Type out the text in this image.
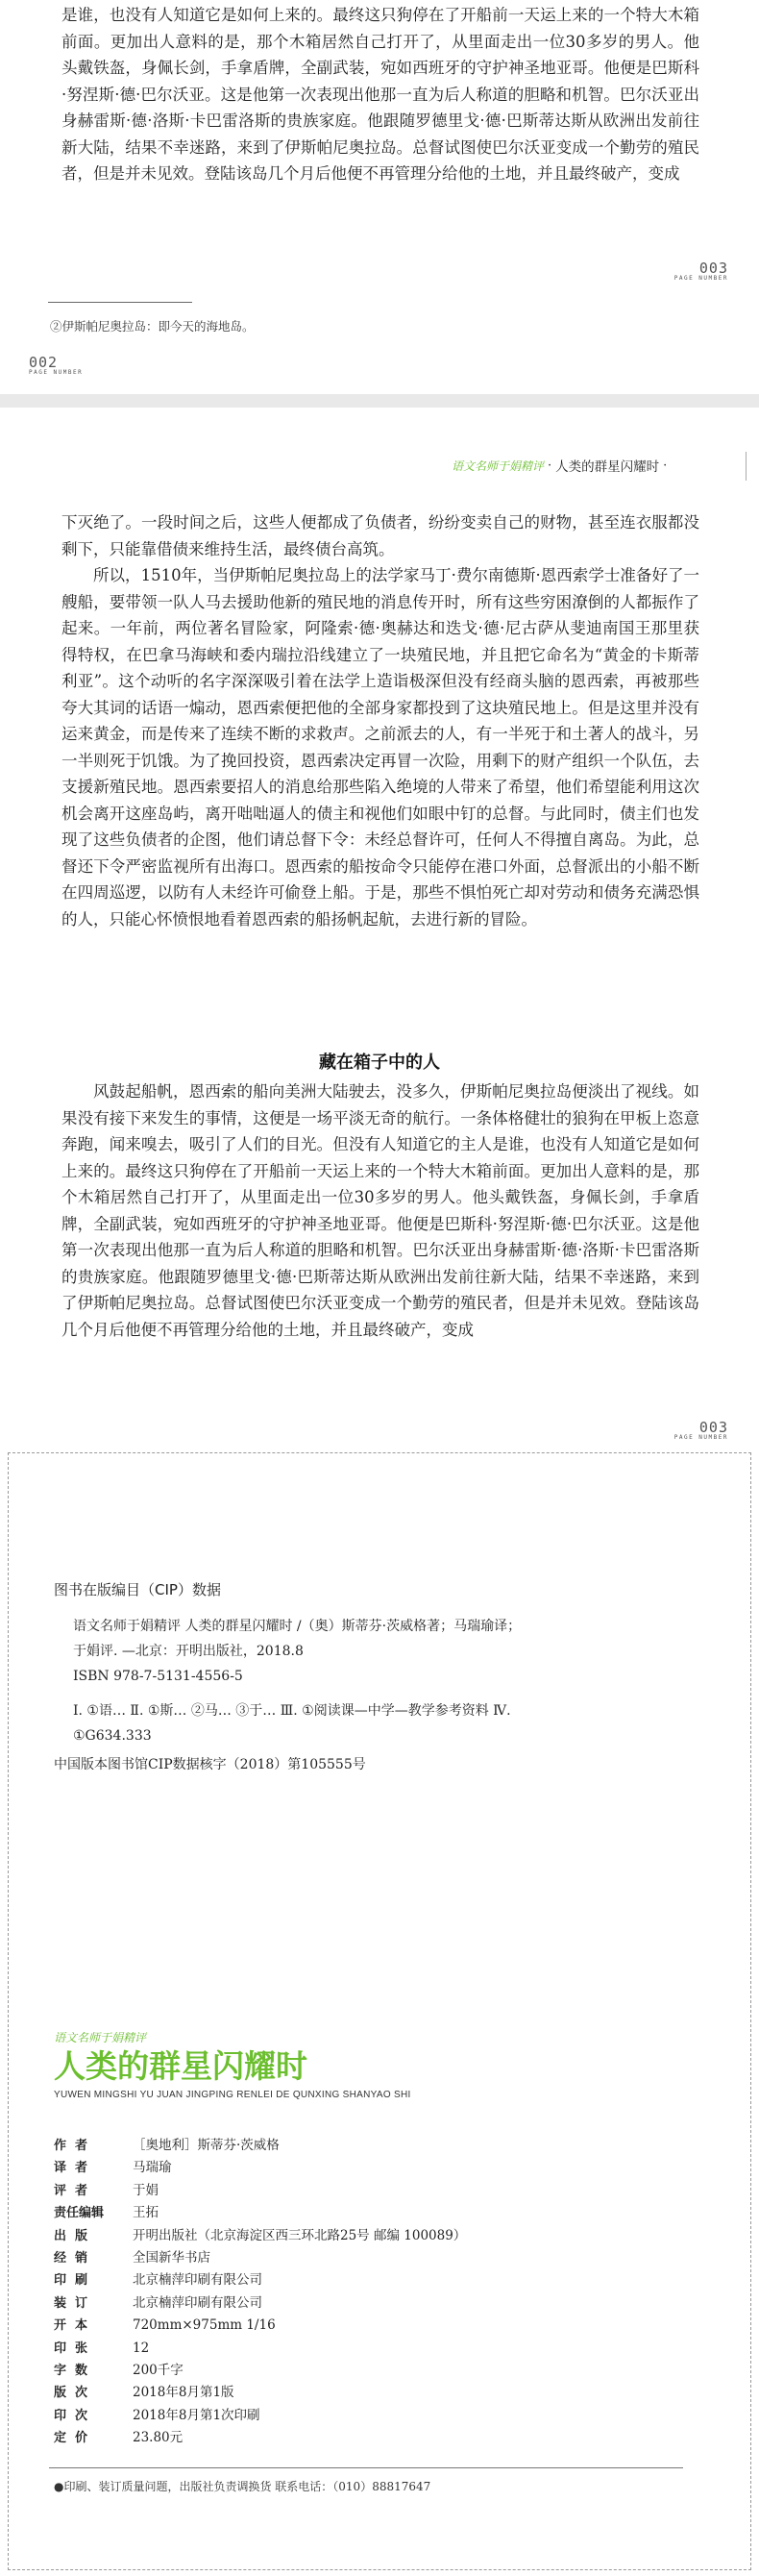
是谁，也没有人知道它是如何上来的。最终这只狗停在了开船前一天运上来的一个特大木箱前面。更加出人意料的是，那个木箱居然自己打开了，从里面走出一位30多岁的男人。他头戴铁盔，身佩长剑，手拿盾牌，全副武装，宛如西班牙的守护神圣地亚哥。他便是巴斯科·努涅斯·德·巴尔沃亚。这是他第一次表现出他那一直为后人称道的胆略和机智。巴尔沃亚出身赫雷斯·德·洛斯·卡巴雷洛斯的贵族家庭。他跟随罗德里戈·德·巴斯蒂达斯从欧洲出发前往新大陆，结果不幸迷路，来到了伊斯帕尼奥拉岛。总督试图使巴尔沃亚变成一个勤劳的殖民者，但是并未见效。登陆该岛几个月后他便不再管理分给他的土地，并且最终破产，变成

003
PAGE NUMBER
②伊斯帕尼奥拉岛：即今天的海地岛。
002
PAGE NUMBER
语文名师于娟精评 · 人类的群星闪耀时 ·

下灭绝了。一段时间之后，这些人便都成了负债者，纷纷变卖自己的财物，甚至连衣服都没剩下，只能靠借债来维持生活，最终债台高筑。

所以，1510年，当伊斯帕尼奥拉岛上的法学家马丁·费尔南德斯·恩西索学士准备好了一艘船，要带领一队人马去援助他新的殖民地的消息传开时，所有这些穷困潦倒的人都振作了起来。一年前，两位著名冒险家，阿隆索·德·奥赫达和迭戈·德·尼古萨从斐迪南国王那里获得特权，在巴拿马海峡和委内瑞拉沿线建立了一块殖民地，并且把它命名为“黄金的卡斯蒂利亚”。这个动听的名字深深吸引着在法学上造诣极深但没有经商头脑的恩西索，再被那些夸大其词的话语一煽动，恩西索便把他的全部身家都投到了这块殖民地上。但是这里并没有运来黄金，而是传来了连续不断的求救声。之前派去的人，有一半死于和土著人的战斗，另一半则死于饥饿。为了挽回投资，恩西索决定再冒一次险，用剩下的财产组织一个队伍，去支援新殖民地。恩西索要招人的消息给那些陷入绝境的人带来了希望，他们希望能利用这次机会离开这座岛屿，离开咄咄逼人的债主和视他们如眼中钉的总督。与此同时，债主们也发现了这些负债者的企图，他们请总督下令：未经总督许可，任何人不得擅自离岛。为此，总督还下令严密监视所有出海口。恩西索的船按命令只能停在港口外面，总督派出的小船不断在四周巡逻，以防有人未经许可偷登上船。于是，那些不惧怕死亡却对劳动和债务充满恐惧的人，只能心怀愤恨地看着恩西索的船扬帆起航，去进行新的冒险。

藏在箱子中的人

风鼓起船帆，恩西索的船向美洲大陆驶去，没多久，伊斯帕尼奥拉岛便淡出了视线。如果没有接下来发生的事情，这便是一场平淡无奇的航行。一条体格健壮的狼狗在甲板上恣意奔跑，闻来嗅去，吸引了人们的目光。但没有人知道它的主人是谁，也没有人知道它是如何上来的。最终这只狗停在了开船前一天运上来的一个特大木箱前面。更加出人意料的是，那个木箱居然自己打开了，从里面走出一位30多岁的男人。他头戴铁盔，身佩长剑，手拿盾牌，全副武装，宛如西班牙的守护神圣地亚哥。他便是巴斯科·努涅斯·德·巴尔沃亚。这是他第一次表现出他那一直为后人称道的胆略和机智。巴尔沃亚出身赫雷斯·德·洛斯·卡巴雷洛斯的贵族家庭。他跟随罗德里戈·德·巴斯蒂达斯从欧洲出发前往新大陆，结果不幸迷路，来到了伊斯帕尼奥拉岛。总督试图使巴尔沃亚变成一个勤劳的殖民者，但是并未见效。登陆该岛几个月后他便不再管理分给他的土地，并且最终破产，变成

003
PAGE NUMBER

图书在版编目（CIP）数据

语文名师于娟精评 人类的群星闪耀时 /（奥）斯蒂芬·茨威格著；马瑞瑜译；于娟评. —北京：开明出版社，2018.8

ISBN 978-7-5131-4556-5

Ⅰ. ①语… Ⅱ. ①斯… ②马… ③于… Ⅲ. ①阅读课—中学—教学参考资料 Ⅳ. ①G634.333

中国版本图书馆CIP数据核字（2018）第105555号

语文名师于娟精评
人类的群星闪耀时
YUWEN MINGSHI YU JUAN JINGPING RENLEI DE QUNXING SHANYAO SHI
作者	［奥地利］斯蒂芬·茨威格
译者	马瑞瑜
评者	于娟
责任编辑	王拓
出版	开明出版社（北京海淀区西三环北路25号 邮编 100089）
经销	全国新华书店
印刷	北京楠萍印刷有限公司
装订	北京楠萍印刷有限公司
开本	720mm×975mm 1/16
印张	12
字数	200千字
版次	2018年8月第1版
印次	2018年8月第1次印刷
定价	23.80元
●印刷、装订质量问题，出版社负责调换货 联系电话：（010）88817647
